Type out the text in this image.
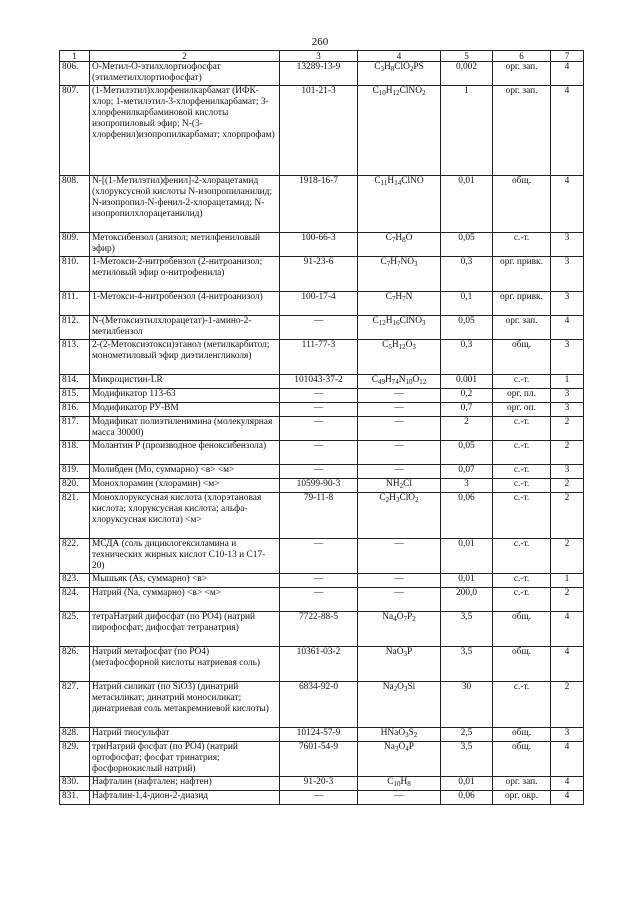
260
1	2	3	4	5	6	7
806.	О-Метил-О-этилхлортиофосфат (этилметилхлортиофосфат)	13289-13-9	$C_3H_8ClO_2PS$	0,002	орг. зап.	4
807.	(1-Метилэтил)хлорфенилкарбамат (ИФК-хлор; 1-метилэтил-3-хлорфенилкарбамат; 3-хлорфенилкарбаминовой кислоты изопропиловый эфир; N-(3-хлорфенил)изопропилкарбамат; хлорпрофам)	101-21-3	$C_{10}H_{12}ClNO_2$	1	орг. зап.	4
808.	N-[(1-Метилэтил)фенил]-2-хлорацетамид (хлоруксусной кислоты N-изопропиланилид; N-изопропил-N-фенил-2-хлорацетамид; N-изопропилхлорацетанилид)	1918-16-7	$C_{11}H_{14}ClNO$	0,01	общ.	4
809.	Метоксибензол (анизол; метилфениловый эфир)	100-66-3	$C_7H_8O$	0,05	с.-т.	3
810.	1-Метокси-2-нитробензол (2-нитроанизол; метиловый эфир о-нитрофенила)	91-23-6	$C_7H_7NO_3$	0,3	орг. привк.	3
811.	1-Метокси-4-нитробензол (4-нитроанизол)	100-17-4	$C_7H_7N$	0,1	орг. привк.	3
812.	N-(Метоксиэтилхлорацетат)-1-амино-2-метилбензол	—	$C_{12}H_{16}ClNO_3$	0,05	орг. зап.	4
813.	2-(2-Метоксиэтокси)этанол (метилкарбитол; монометиловый эфир диэтиленгликоля)	111-77-3	$C_5H_{12}O_3$	0,3	общ.	3
814.	Микроцистин-LR	101043-37-2	$C_{49}H_{74}N_{10}O_{12}$	0.001	с.-т.	1
815.	Модификатор 113-63	—	—	0,2	орг. пл.	3
816.	Модификатор РУ-ВМ	—	—	0,7	орг. оп.	3
817.	Модификат полиэтиленимина (молекулярная масса 30000)	—	—	2	с.-т.	2
818.	Молантин Р (производное феноксибензола)	—	—	0,05	с.-т.	2
819.	Молибден (Mo, суммарно) <в> <м>	—	—	0,07	с.-т.	3
820.	Монохлорамин (хлорамин) <м>	10599-90-3	$NH_2Cl$	3	с.-т.	2
821.	Монохлоруксусная кислота (хлорэтановая кислота; хлоруксусная кислота; альфа- хлоруксусная кислота) <м>	79-11-8	$C_2H_3ClO_2$	0,06	с.-т.	2
822.	МСДА (соль дициклогексиламина и технических жирных кислот С10-13 и С17-20)	—	—	0,01	с.-т.	2
823.	Мышьяк (As, суммарно) <в>	—	—	0,01	с.-т.	1
824.	Натрий (Na, суммарно) <в> <м>	—	—	200,0	с.-т.	2
825.	тетраНатрий дифосфат (по PO4) (натрий пирофосфат; дифосфат тетранатрия)	7722-88-5	$Na_4O_7P_2$	3,5	общ.	4
826.	Натрий метафосфат (по PO4) (метафосфорной кислоты натриевая соль)	10361-03-2	NaO$_3$P	3,5	общ.	4
827.	Натрий силикат (по SiO3) (динатрий метасиликат; динатрий моносиликат; динатриевая соль метакремниевой кислоты)	6834-92-0	$Na_2O_3Si$	30	с.-т.	2
828.	Натрий тиосульфат	10124-57-9	$HNaO_3S_2$	2,5	общ.	3
829.	триНатрий фосфат (по PO4) (натрий ортофосфат; фосфат тринатрия; фосфорнокислый натрий)	7601-54-9	$Na_3O_4P$	3,5	общ.	4
830.	Нафталин (нафтален; нафтен)	91-20-3	$C_{10}H_8$	0,01	орг. зап.	4
831.	Нафталин-1,4-дион-2-диазид	—	—	0,06	орг. окр.	4
